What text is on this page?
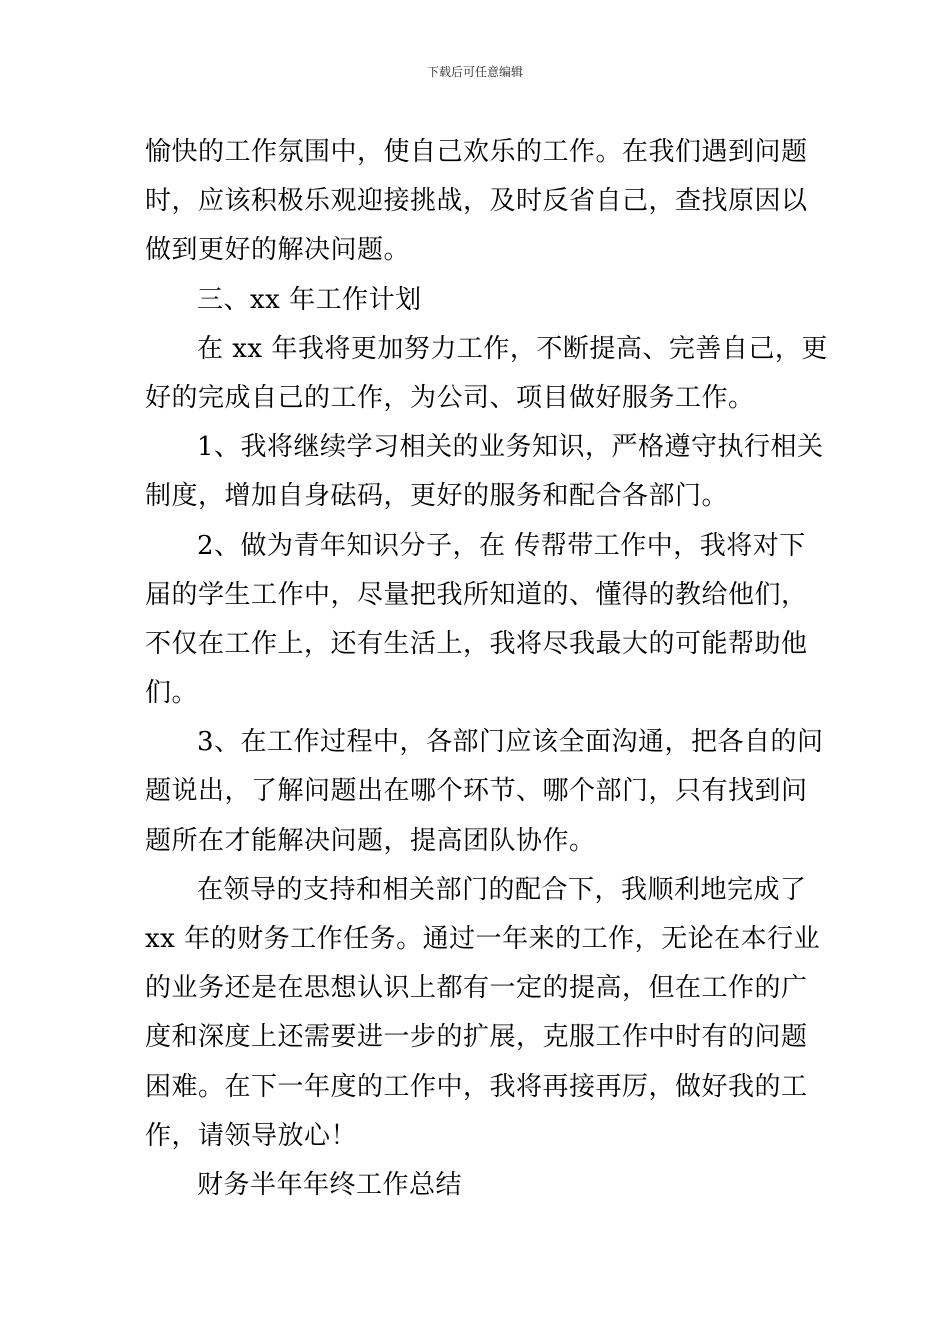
下载后可任意编辑
愉快的工作氛围中，使自己欢乐的工作。在我们遇到问题
时，应该积极乐观迎接挑战，及时反省自己，查找原因以
做到更好的解决问题。
三、xx 年工作计划
在 xx 年我将更加努力工作，不断提高、完善自己，更
好的完成自己的工作，为公司、项目做好服务工作。
1、我将继续学习相关的业务知识，严格遵守执行相关
制度，增加自身砝码，更好的服务和配合各部门。
2、做为青年知识分子，在 传帮带工作中，我将对下
届的学生工作中，尽量把我所知道的、懂得的教给他们，
不仅在工作上，还有生活上，我将尽我最大的可能帮助他
们。
3、在工作过程中，各部门应该全面沟通，把各自的问
题说出，了解问题出在哪个环节、哪个部门，只有找到问
题所在才能解决问题，提高团队协作。
在领导的支持和相关部门的配合下，我顺利地完成了
xx 年的财务工作任务。通过一年来的工作，无论在本行业
的业务还是在思想认识上都有一定的提高，但在工作的广
度和深度上还需要进一步的扩展，克服工作中时有的问题
困难。在下一年度的工作中，我将再接再厉，做好我的工
作，请领导放心！
财务半年年终工作总结
